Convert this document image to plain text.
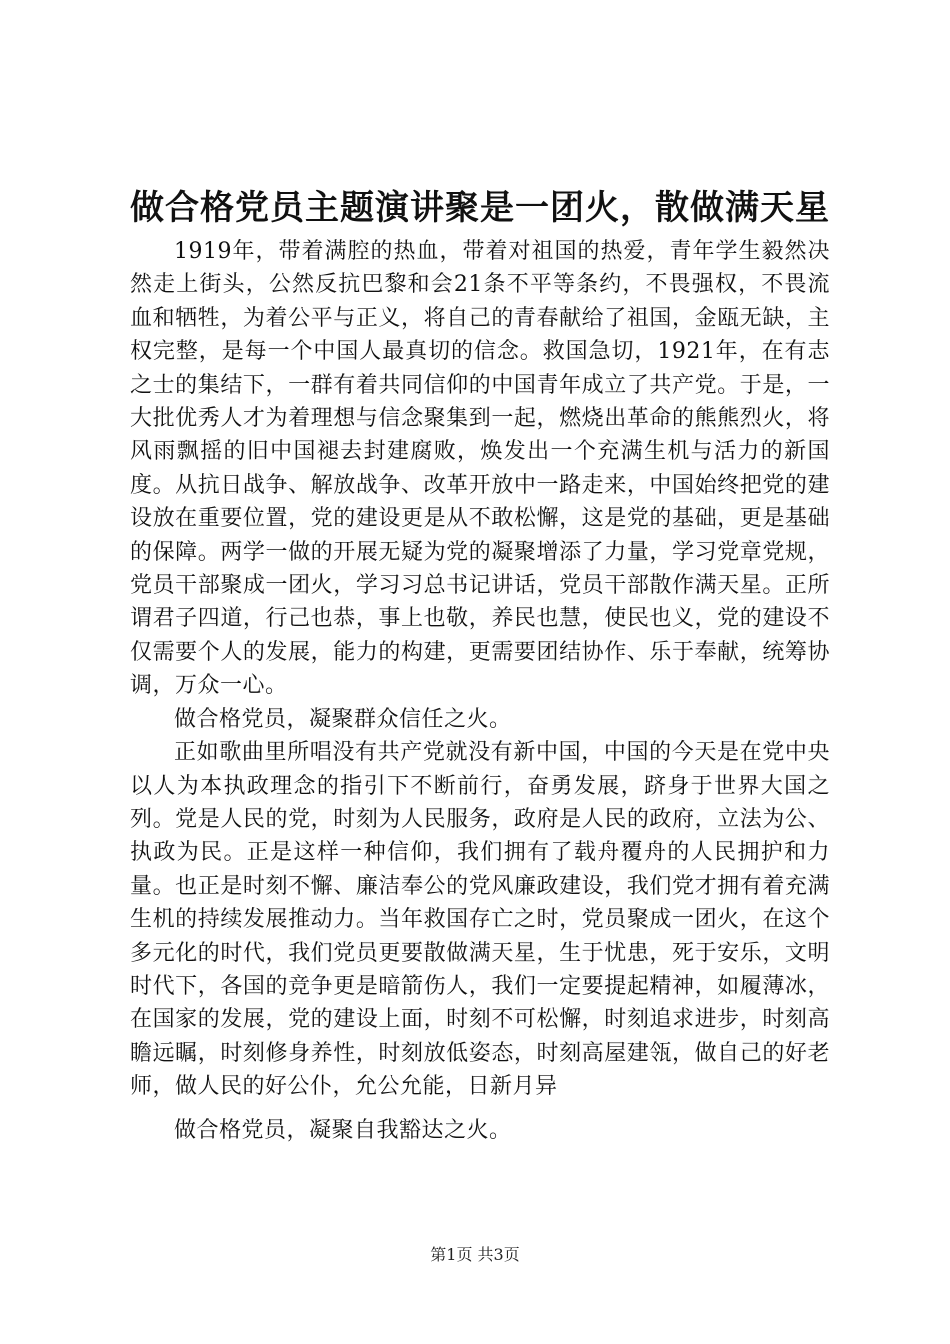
做合格党员主题演讲聚是一团火，散做满天星

1919年，带着满腔的热血，带着对祖国的热爱，青年学生毅然决然走上街头，公然反抗巴黎和会21条不平等条约，不畏强权，不畏流血和牺牲，为着公平与正义，将自己的青春献给了祖国，金瓯无缺，主权完整，是每一个中国人最真切的信念。救国急切，1921年，在有志之士的集结下，一群有着共同信仰的中国青年成立了共产党。于是，一大批优秀人才为着理想与信念聚集到一起，燃烧出革命的熊熊烈火，将风雨飘摇的旧中国褪去封建腐败，焕发出一个充满生机与活力的新国度。从抗日战争、解放战争、改革开放中一路走来，中国始终把党的建设放在重要位置，党的建设更是从不敢松懈，这是党的基础，更是基础的保障。两学一做的开展无疑为党的凝聚增添了力量，学习党章党规，党员干部聚成一团火，学习习总书记讲话，党员干部散作满天星。正所谓君子四道，行己也恭，事上也敬，养民也慧，使民也义，党的建设不仅需要个人的发展，能力的构建，更需要团结协作、乐于奉献，统筹协调，万众一心。

做合格党员，凝聚群众信任之火。

正如歌曲里所唱没有共产党就没有新中国，中国的今天是在党中央以人为本执政理念的指引下不断前行，奋勇发展，跻身于世界大国之列。党是人民的党，时刻为人民服务，政府是人民的政府，立法为公、执政为民。正是这样一种信仰，我们拥有了载舟覆舟的人民拥护和力量。也正是时刻不懈、廉洁奉公的党风廉政建设，我们党才拥有着充满生机的持续发展推动力。当年救国存亡之时，党员聚成一团火，在这个多元化的时代，我们党员更要散做满天星，生于忧患，死于安乐，文明时代下，各国的竞争更是暗箭伤人，我们一定要提起精神，如履薄冰，在国家的发展，党的建设上面，时刻不可松懈，时刻追求进步，时刻高瞻远瞩，时刻修身养性，时刻放低姿态，时刻高屋建瓴，做自己的好老师，做人民的好公仆，允公允能，日新月异

做合格党员，凝聚自我豁达之火。

第1页 共3页
